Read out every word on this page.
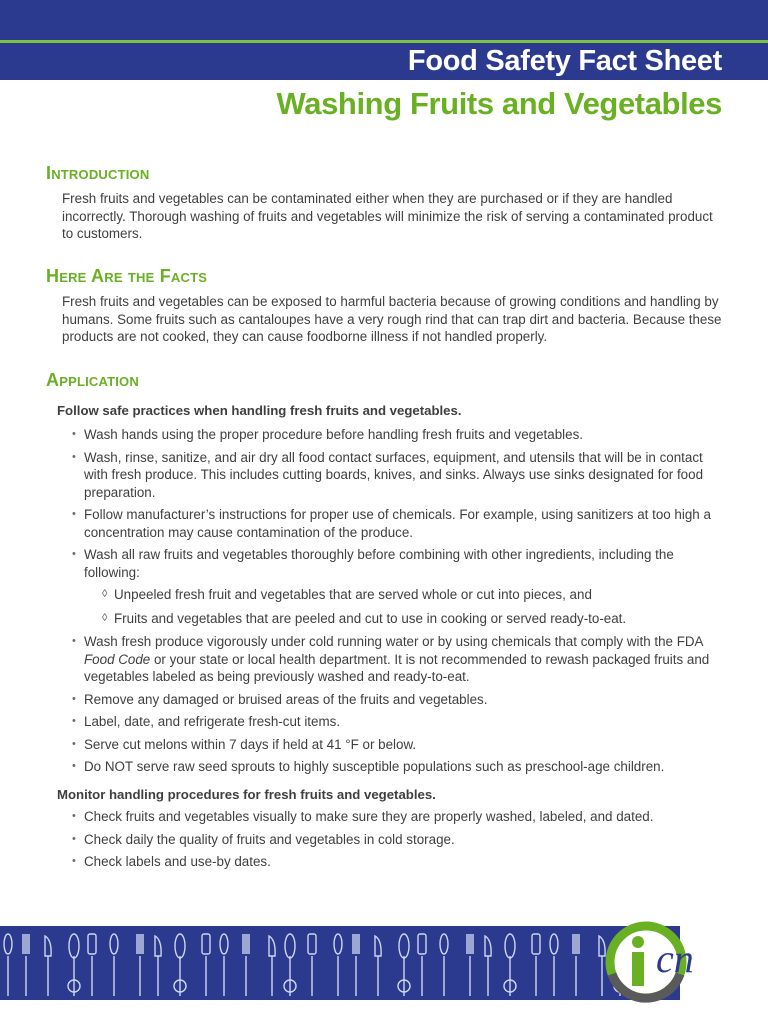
Food Safety Fact Sheet
Washing Fruits and Vegetables
Introduction

Fresh fruits and vegetables can be contaminated either when they are purchased or if they are handled incorrectly. Thorough washing of fruits and vegetables will minimize the risk of serving a contaminated product to customers.

Here Are the Facts

Fresh fruits and vegetables can be exposed to harmful bacteria because of growing conditions and handling by humans. Some fruits such as cantaloupes have a very rough rind that can trap dirt and bacteria. Because these products are not cooked, they can cause foodborne illness if not handled properly.

Application

Follow safe practices when handling fresh fruits and vegetables.

• Wash hands using the proper procedure before handling fresh fruits and vegetables.
• Wash, rinse, sanitize, and air dry all food contact surfaces, equipment, and utensils that will be in contact with fresh produce. This includes cutting boards, knives, and sinks. Always use sinks designated for food preparation.
• Follow manufacturer’s instructions for proper use of chemicals. For example, using sanitizers at too high a concentration may cause contamination of the produce.
• Wash all raw fruits and vegetables thoroughly before combining with other ingredients, including the following:
◊ Unpeeled fresh fruit and vegetables that are served whole or cut into pieces, and
◊ Fruits and vegetables that are peeled and cut to use in cooking or served ready-to-eat.
• Wash fresh produce vigorously under cold running water or by using chemicals that comply with the FDA Food Code or your state or local health department. It is not recommended to rewash packaged fruits and vegetables labeled as being previously washed and ready-to-eat.
• Remove any damaged or bruised areas of the fruits and vegetables.
• Label, date, and refrigerate fresh-cut items.
• Serve cut melons within 7 days if held at 41 °F or below.
• Do NOT serve raw seed sprouts to highly susceptible populations such as preschool-age children.

Monitor handling procedures for fresh fruits and vegetables.

• Check fruits and vegetables visually to make sure they are properly washed, labeled, and dated.
• Check daily the quality of fruits and vegetables in cold storage.
• Check labels and use-by dates.
cn
